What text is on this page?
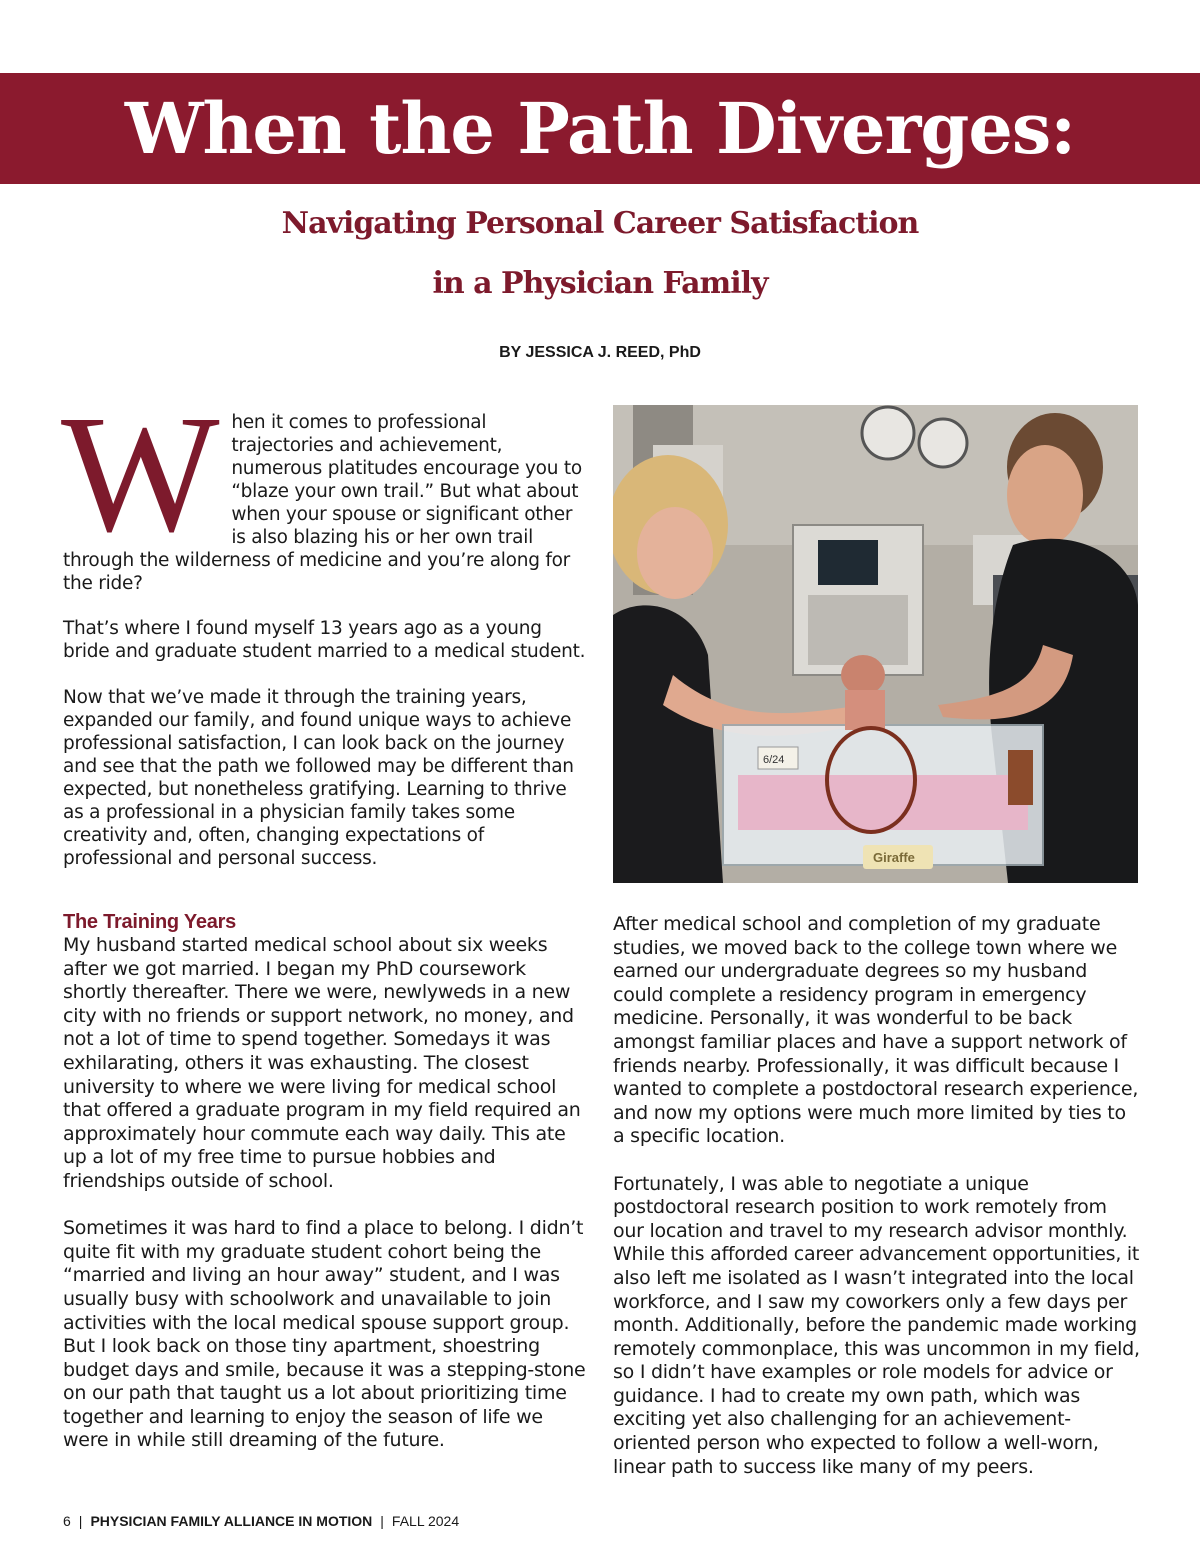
When the Path Diverges:
Navigating Personal Career Satisfaction
in a Physician Family

BY JESSICA J. REED, PhD

When it comes to professional trajectories and achievement, numerous platitudes encourage you to “blaze your own trail.” But what about when your spouse or significant other is also blazing his or her own trail through the wilderness of medicine and you’re along for the ride?

That’s where I found myself 13 years ago as a young bride and graduate student married to a medical student.

Now that we’ve made it through the training years, expanded our family, and found unique ways to achieve professional satisfaction, I can look back on the journey and see that the path we followed may be different than expected, but nonetheless gratifying. Learning to thrive as a professional in a physician family takes some creativity and, often, changing expectations of professional and personal success.

6/24
Giraffe
The Training Years

My husband started medical school about six weeks after we got married. I began my PhD coursework shortly thereafter. There we were, newlyweds in a new city with no friends or support network, no money, and not a lot of time to spend together. Somedays it was exhilarating, others it was exhausting. The closest university to where we were living for medical school that offered a graduate program in my field required an approximately hour commute each way daily. This ate up a lot of my free time to pursue hobbies and friendships outside of school.

Sometimes it was hard to find a place to belong. I didn’t quite fit with my graduate student cohort being the “married and living an hour away” student, and I was usually busy with schoolwork and unavailable to join activities with the local medical spouse support group. But I look back on those tiny apartment, shoestring budget days and smile, because it was a stepping-stone on our path that taught us a lot about prioritizing time together and learning to enjoy the season of life we were in while still dreaming of the future.

After medical school and completion of my graduate studies, we moved back to the college town where we earned our undergraduate degrees so my husband could complete a residency program in emergency medicine. Personally, it was wonderful to be back amongst familiar places and have a support network of friends nearby. Professionally, it was difficult because I wanted to complete a postdoctoral research experience, and now my options were much more limited by ties to a specific location.

Fortunately, I was able to negotiate a unique postdoctoral research position to work remotely from our location and travel to my research advisor monthly. While this afforded career advancement opportunities, it also left me isolated as I wasn’t integrated into the local workforce, and I saw my coworkers only a few days per month. Additionally, before the pandemic made working remotely commonplace, this was uncommon in my field, so I didn’t have examples or role models for advice or guidance. I had to create my own path, which was exciting yet also challenging for an achievement-oriented person who expected to follow a well-worn, linear path to success like many of my peers.

6 | PHYSICIAN FAMILY ALLIANCE IN MOTION | FALL 2024
